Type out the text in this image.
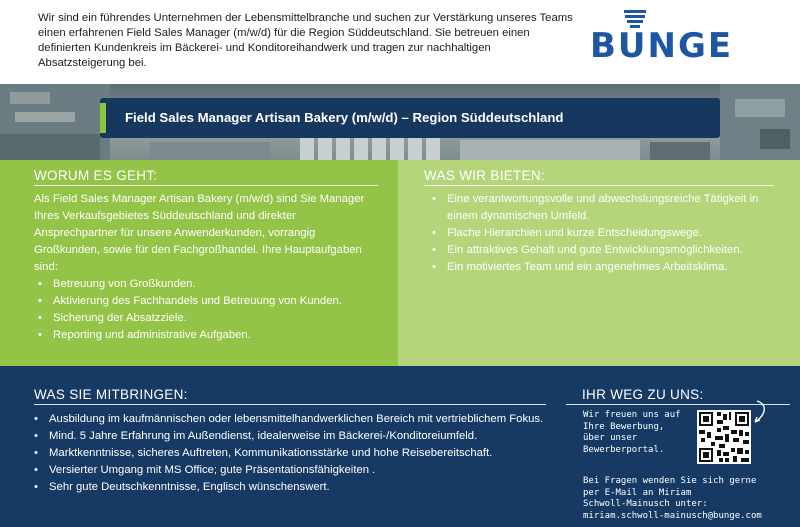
Wir sind ein führendes Unternehmen der Lebensmittelbranche und suchen zur Verstärkung unseres Teams einen erfahrenen Field Sales Manager (m/w/d) für die Region Süddeutschland. Sie betreuen einen definierten Kundenkreis im Bäckerei- und Konditoreihandwerk und tragen zur nachhaltigen Absatzsteigerung bei.	BUNGE
Field Sales Manager Artisan Bakery (m/w/d) – Region Süddeutschland
WORUM ES GEHT:
Als Field Sales Manager Artisan Bakery (m/w/d) sind Sie Manager Ihres Verkaufsgebietes Süddeutschland und direkter Ansprechpartner für unsere Anwenderkunden, vorrangig Großkunden, sowie für den Fachgroßhandel. Ihre Hauptaufgaben sind:
• Betreuung von Großkunden.
• Aktivierung des Fachhandels und Betreuung von Kunden.
• Sicherung der Absatzziele.
• Reporting und administrative Aufgaben.
WAS WIR BIETEN:
• Eine verantwortungsvolle und abwechslungsreiche Tätigkeit in einem dynamischen Umfeld.
• Flache Hierarchien und kurze Entscheidungswege.
• Ein attraktives Gehalt und gute Entwicklungsmöglichkeiten.
• Ein motiviertes Team und ein angenehmes Arbeitsklima.
WAS SIE MITBRINGEN:
• Ausbildung im kaufmännischen oder lebensmittelhandwerklichen Bereich mit vertrieblichem Fokus.
• Mind. 5 Jahre Erfahrung im Außendienst, idealerweise im Bäckerei-/Konditoreiumfeld.
• Marktkenntnisse, sicheres Auftreten, Kommunikationsstärke und hohe Reisebereitschaft.
• Versierter Umgang mit MS Office; gute Präsentationsfähigkeiten .
• Sehr gute Deutschkenntnisse, Englisch wünschenswert.
IHR WEG ZU UNS:
Wir freuen uns auf
Ihre Bewerbung,
über unser
Bewerberportal.
Bei Fragen wenden Sie sich gerne
per E-Mail an Miriam
Schwoll-Mainusch unter:
miriam.schwoll-mainusch@bunge.com
